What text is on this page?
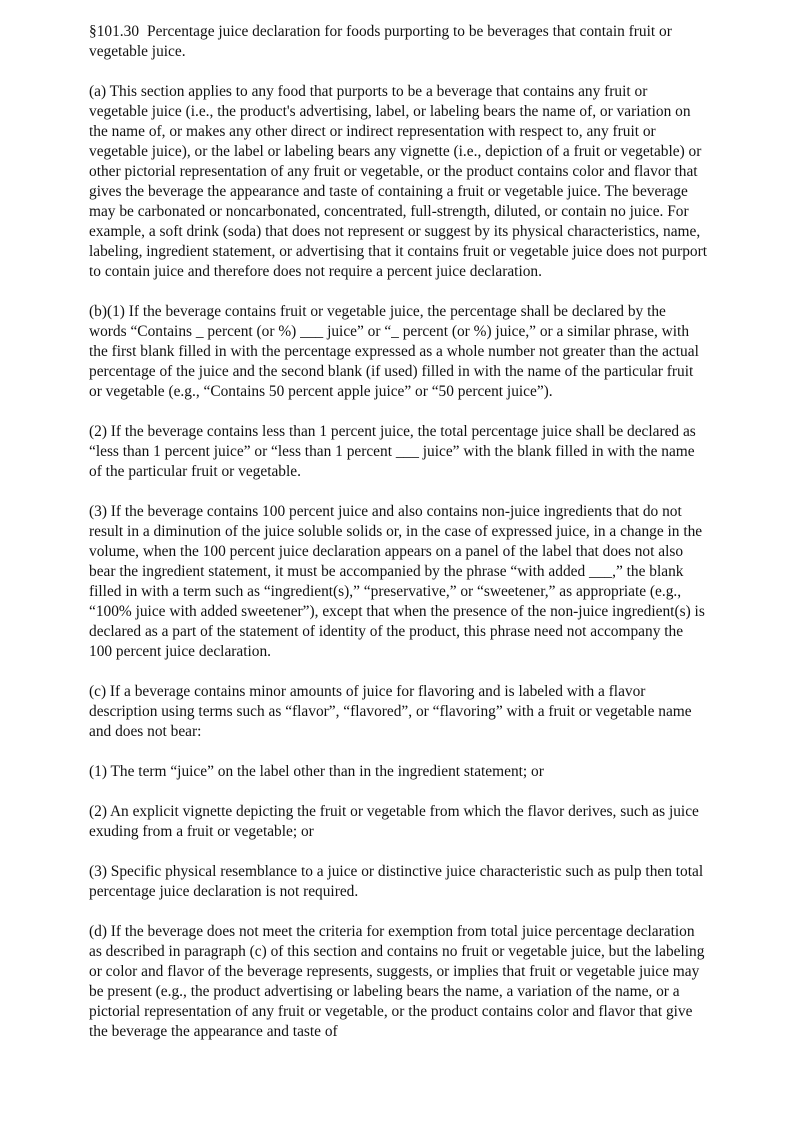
§101.30 Percentage juice declaration for foods purporting to be beverages that contain fruit or vegetable juice.

(a) This section applies to any food that purports to be a beverage that contains any fruit or vegetable juice (i.e., the product's advertising, label, or labeling bears the name of, or variation on the name of, or makes any other direct or indirect representation with respect to, any fruit or vegetable juice), or the label or labeling bears any vignette (i.e., depiction of a fruit or vegetable) or other pictorial representation of any fruit or vegetable, or the product contains color and flavor that gives the beverage the appearance and taste of containing a fruit or vegetable juice. The beverage may be carbonated or noncarbonated, concentrated, full-strength, diluted, or contain no juice. For example, a soft drink (soda) that does not represent or suggest by its physical characteristics, name, labeling, ingredient statement, or advertising that it contains fruit or vegetable juice does not purport to contain juice and therefore does not require a percent juice declaration.

(b)(1) If the beverage contains fruit or vegetable juice, the percentage shall be declared by the words “Contains _ percent (or %) ___ juice” or “_ percent (or %) juice,” or a similar phrase, with the first blank filled in with the percentage expressed as a whole number not greater than the actual percentage of the juice and the second blank (if used) filled in with the name of the particular fruit or vegetable (e.g., “Contains 50 percent apple juice” or “50 percent juice”).

(2) If the beverage contains less than 1 percent juice, the total percentage juice shall be declared as “less than 1 percent juice” or “less than 1 percent ___ juice” with the blank filled in with the name of the particular fruit or vegetable.

(3) If the beverage contains 100 percent juice and also contains non-juice ingredients that do not result in a diminution of the juice soluble solids or, in the case of expressed juice, in a change in the volume, when the 100 percent juice declaration appears on a panel of the label that does not also bear the ingredient statement, it must be accompanied by the phrase “with added ___,” the blank filled in with a term such as “ingredient(s),” “preservative,” or “sweetener,” as appropriate (e.g., “100% juice with added sweetener”), except that when the presence of the non-juice ingredient(s) is declared as a part of the statement of identity of the product, this phrase need not accompany the 100 percent juice declaration.

(c) If a beverage contains minor amounts of juice for flavoring and is labeled with a flavor description using terms such as “flavor”, “flavored”, or “flavoring” with a fruit or vegetable name and does not bear:

(1) The term “juice” on the label other than in the ingredient statement; or

(2) An explicit vignette depicting the fruit or vegetable from which the flavor derives, such as juice exuding from a fruit or vegetable; or

(3) Specific physical resemblance to a juice or distinctive juice characteristic such as pulp then total percentage juice declaration is not required.

(d) If the beverage does not meet the criteria for exemption from total juice percentage declaration as described in paragraph (c) of this section and contains no fruit or vegetable juice, but the labeling or color and flavor of the beverage represents, suggests, or implies that fruit or vegetable juice may be present (e.g., the product advertising or labeling bears the name, a variation of the name, or a pictorial representation of any fruit or vegetable, or the product contains color and flavor that give the beverage the appearance and taste of
